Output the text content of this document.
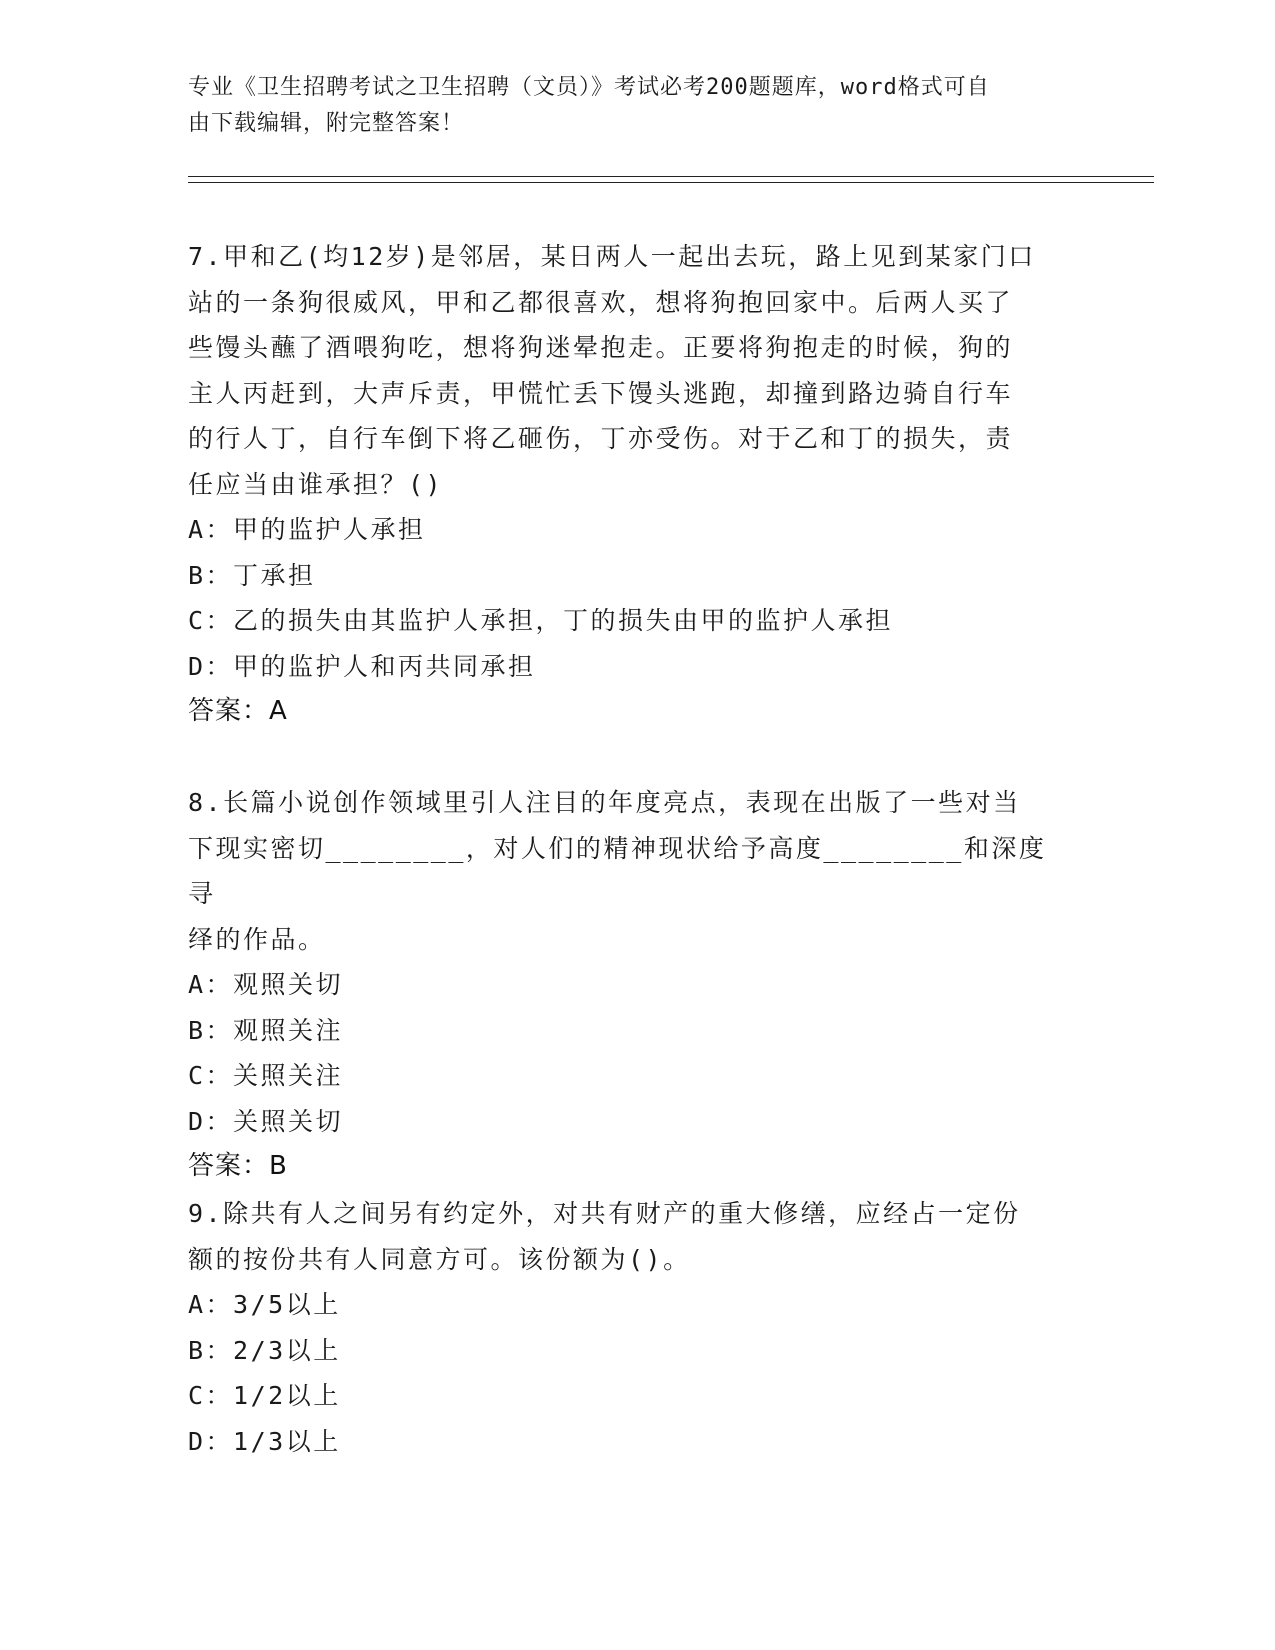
专业《卫生招聘考试之卫生招聘（文员）》考试必考200题题库，word格式可自
由下载编辑，附完整答案！

7.甲和乙(均12岁)是邻居，某日两人一起出去玩，路上见到某家门口

站的一条狗很威风，甲和乙都很喜欢，想将狗抱回家中。后两人买了

些馒头蘸了酒喂狗吃，想将狗迷晕抱走。正要将狗抱走的时候，狗的

主人丙赶到，大声斥责，甲慌忙丢下馒头逃跑，却撞到路边骑自行车

的行人丁，自行车倒下将乙砸伤，丁亦受伤。对于乙和丁的损失，责

任应当由谁承担？()

A：甲的监护人承担

B：丁承担

C：乙的损失由其监护人承担，丁的损失由甲的监护人承担

D：甲的监护人和丙共同承担

答案：A

8.长篇小说创作领域里引人注目的年度亮点，表现在出版了一些对当

下现实密切________，对人们的精神现状给予高度________和深度寻

绎的作品。

A：观照关切

B：观照关注

C：关照关注

D：关照关切

答案：B

9.除共有人之间另有约定外，对共有财产的重大修缮，应经占一定份

额的按份共有人同意方可。该份额为()。

A：3/5以上

B：2/3以上

C：1/2以上

D：1/3以上
